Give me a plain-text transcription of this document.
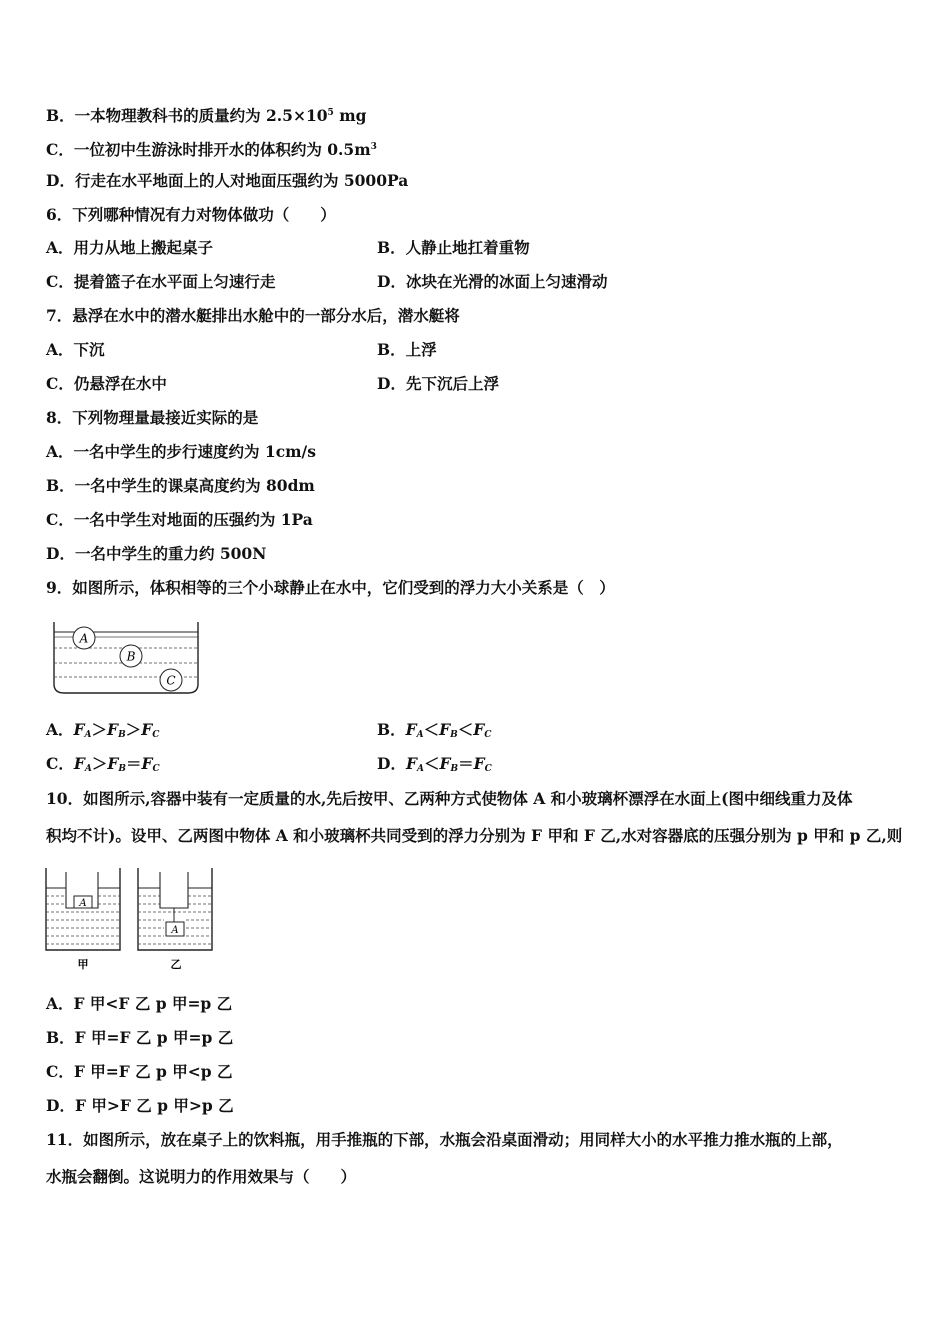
B．一本物理教科书的质量约为 $2.5\times 10^5$ mg
C．一位初中生游泳时排开水的体积约为 $0.5m^3$
D．行走在水平地面上的人对地面压强约为 5000Pa
6．下列哪种情况有力对物体做功（　　）
A．用力从地上搬起桌子	B．人静止地扛着重物
C．提着篮子在水平面上匀速行走	D．冰块在光滑的冰面上匀速滑动
7．悬浮在水中的潜水艇排出水舱中的一部分水后，潜水艇将
A．下沉	B．上浮
C．仍悬浮在水中	D．先下沉后上浮
8．下列物理量最接近实际的是
A．一名中学生的步行速度约为 1cm/s
B．一名中学生的课桌高度约为 80dm
C．一名中学生对地面的压强约为 1Pa
D．一名中学生的重力约 500N
9．如图所示，体积相等的三个小球静止在水中，它们受到的浮力大小关系是（　）
A
B
C
A．$F_A>F_B>F_C$	B．$F_A<F_B<F_C$
C．$F_A>F_B=F_C$	D．$F_A<F_B=F_C$
10．如图所示,容器中装有一定质量的水,先后按甲、乙两种方式使物体 A 和小玻璃杯漂浮在水面上(图中细线重力及体
积均不计)。设甲、乙两图中物体 A 和小玻璃杯共同受到的浮力分别为 F 甲和 F 乙,水对容器底的压强分别为 p 甲和 p 乙,则
A
甲
A
乙
A．F 甲<F 乙 p 甲=p 乙
B．F 甲=F 乙 p 甲=p 乙
C．F 甲=F 乙 p 甲<p 乙
D．F 甲>F 乙 p 甲>p 乙
11．如图所示，放在桌子上的饮料瓶，用手推瓶的下部，水瓶会沿桌面滑动；用同样大小的水平推力推水瓶的上部，
水瓶会翻倒。这说明力的作用效果与（　　）
